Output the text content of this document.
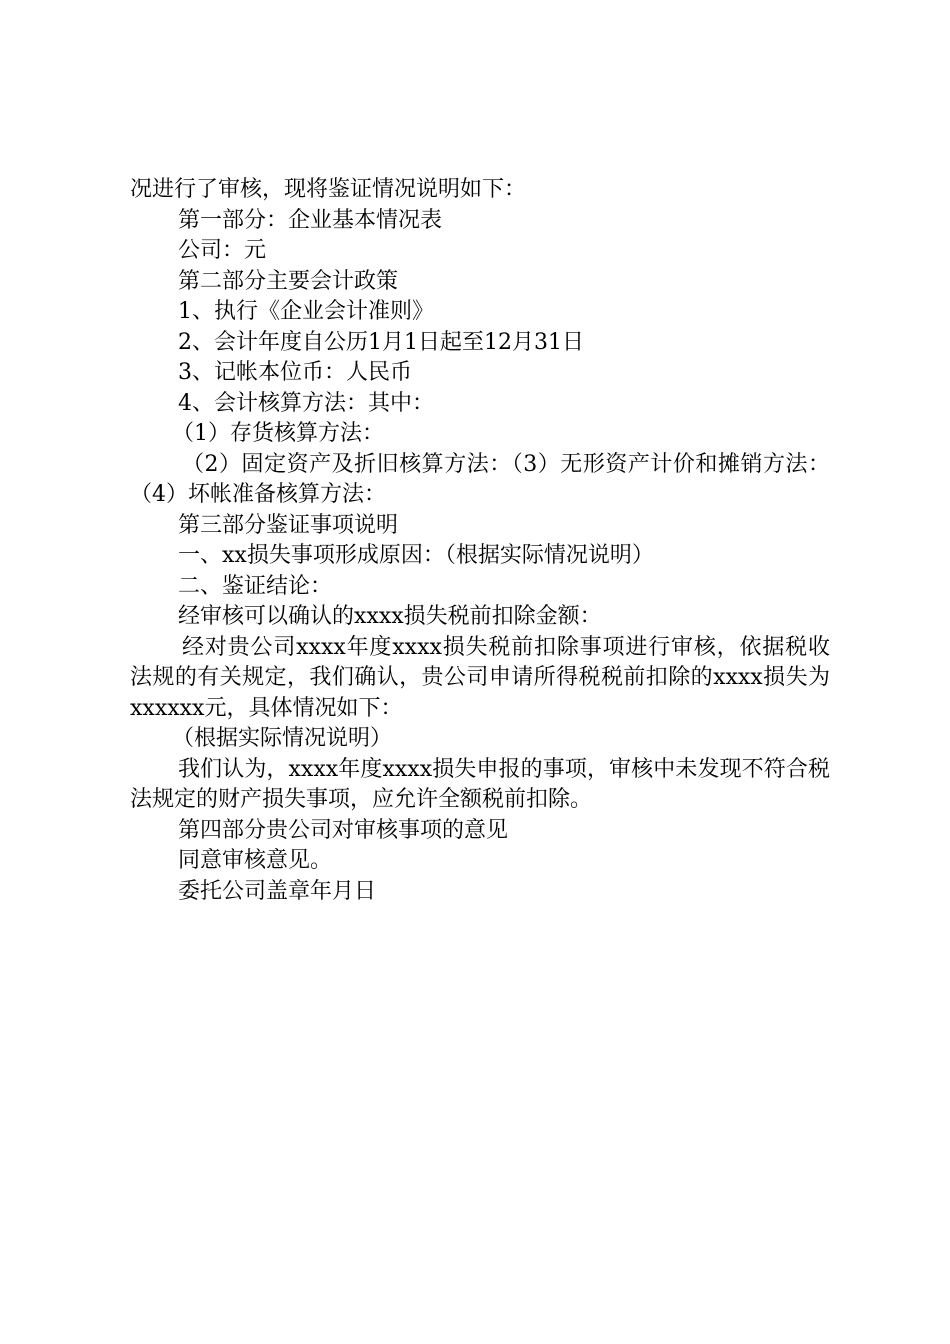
况进行了审核，现将鉴证情况说明如下：
第一部分：企业基本情况表
公司：元
第二部分主要会计政策
1、执行《企业会计准则》
2、会计年度自公历1月1日起至12月31日
3、记帐本位币：人民币
4、会计核算方法：其中：
（1）存货核算方法：
（2）固定资产及折旧核算方法：（3）无形资产计价和摊销方法：（4）坏帐准备核算方法：
第三部分鉴证事项说明
一、xx损失事项形成原因：（根据实际情况说明）
二、鉴证结论：
经审核可以确认的xxxx损失税前扣除金额：
经对贵公司xxxx年度xxxx损失税前扣除事项进行审核，依据税收法规的有关规定，我们确认，贵公司申请所得税税前扣除的xxxx损失为xxxxxx元，具体情况如下：
（根据实际情况说明）
我们认为，xxxx年度xxxx损失申报的事项，审核中未发现不符合税法规定的财产损失事项，应允许全额税前扣除。
第四部分贵公司对审核事项的意见
同意审核意见。
委托公司盖章年月日
